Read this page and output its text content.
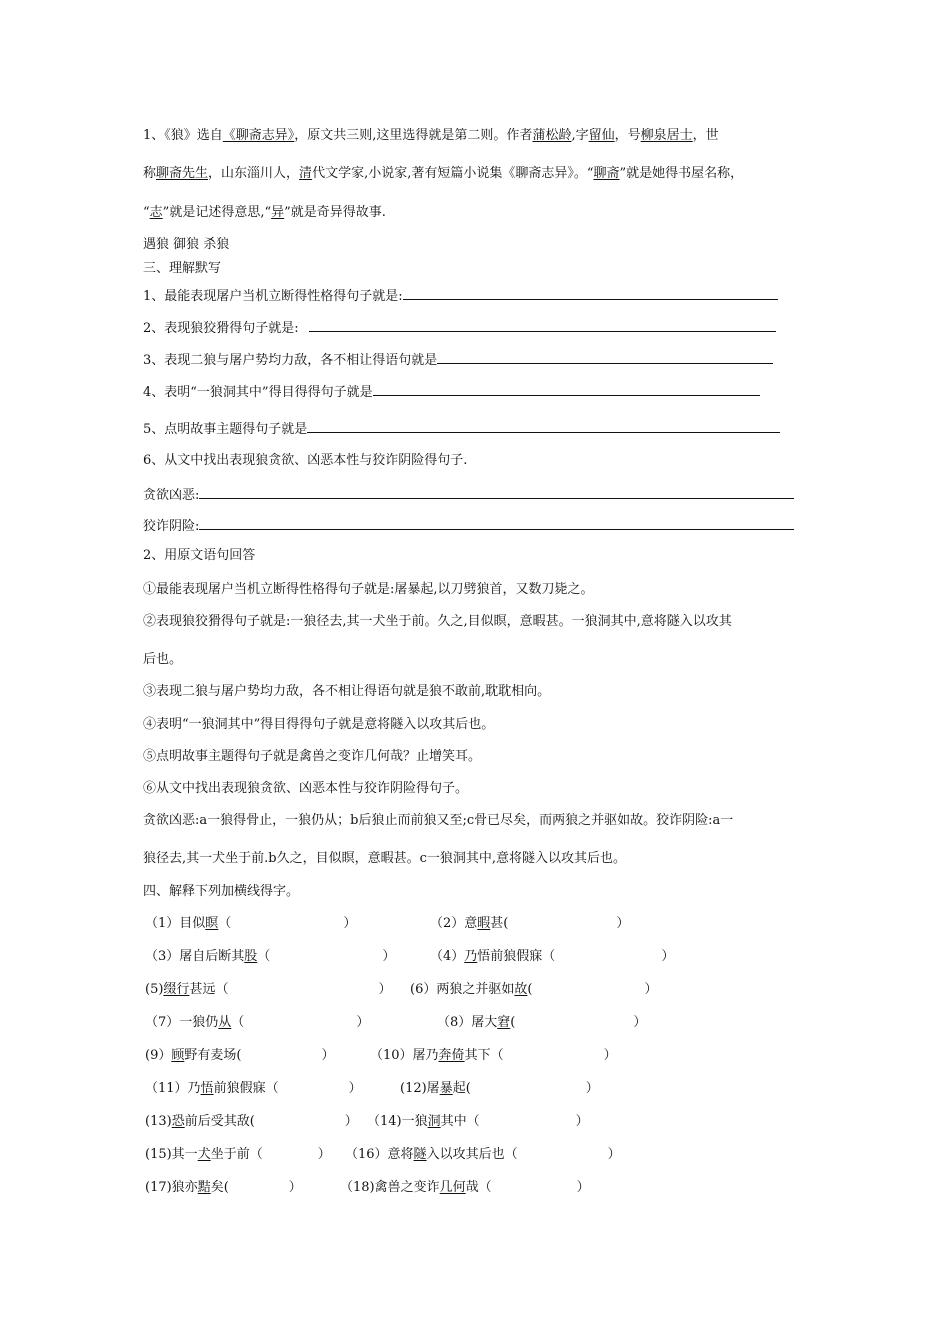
1、《狼》选自《聊斋志异》，原文共三则,这里选得就是第二则。作者蒲松龄,字留仙，号柳泉居士，世
称聊斋先生，山东淄川人，清代文学家,小说家,著有短篇小说集《聊斋志异》。“聊斋”就是她得书屋名称，
“志”就是记述得意思,“异”就是奇异得故事.
遇狼 御狼 杀狼
三、理解默写
1、最能表现屠户当机立断得性格得句子就是:
2、表现狼狡猾得句子就是:
3、表现二狼与屠户势均力敌，各不相让得语句就是
4、表明“一狼洞其中”得目得得句子就是
5、点明故事主题得句子就是
6、从文中找出表现狼贪欲、凶恶本性与狡诈阴险得句子.
贪欲凶恶:
狡诈阴险:
2、用原文语句回答
①最能表现屠户当机立断得性格得句子就是:屠暴起,以刀劈狼首，又数刀毙之。
②表现狼狡猾得句子就是:一狼径去,其一犬坐于前。久之,目似瞑，意暇甚。一狼洞其中,意将隧入以攻其
后也。
③表现二狼与屠户势均力敌，各不相让得语句就是狼不敢前,耽耽相向。
④表明“一狼洞其中”得目得得句子就是意将隧入以攻其后也。
⑤点明故事主题得句子就是禽兽之变诈几何哉？止增笑耳。
⑥从文中找出表现狼贪欲、凶恶本性与狡诈阴险得句子。
贪欲凶恶:a一狼得骨止，一狼仍从；b后狼止而前狼又至;c骨已尽矣，而两狼之并驱如故。狡诈阴险:a一
狼径去,其一犬坐于前.b久之，目似瞑，意暇甚。c一狼洞其中,意将隧入以攻其后也。
四、解释下列加横线得字。
（1）目似瞑（	）	（2）意暇甚(	）
（3）屠自后断其股（	）	（4）乃悟前狼假寐（	）
(5)缀行甚远（	） (6）两狼之并驱如故(	）
（7）一狼仍从（	）	（8）屠大窘(	）
(9）顾野有麦场(	）	（10）屠乃奔倚其下（	）
（11）乃悟前狼假寐（	）	(12)屠暴起(	）
(13)恐前后受其敌(	） （14)一狼洞其中（	）
(15)其一犬坐于前（	） （16）意将隧入以攻其后也（	）
(17)狼亦黠矣(	）	（18)禽兽之变诈几何哉（	）
